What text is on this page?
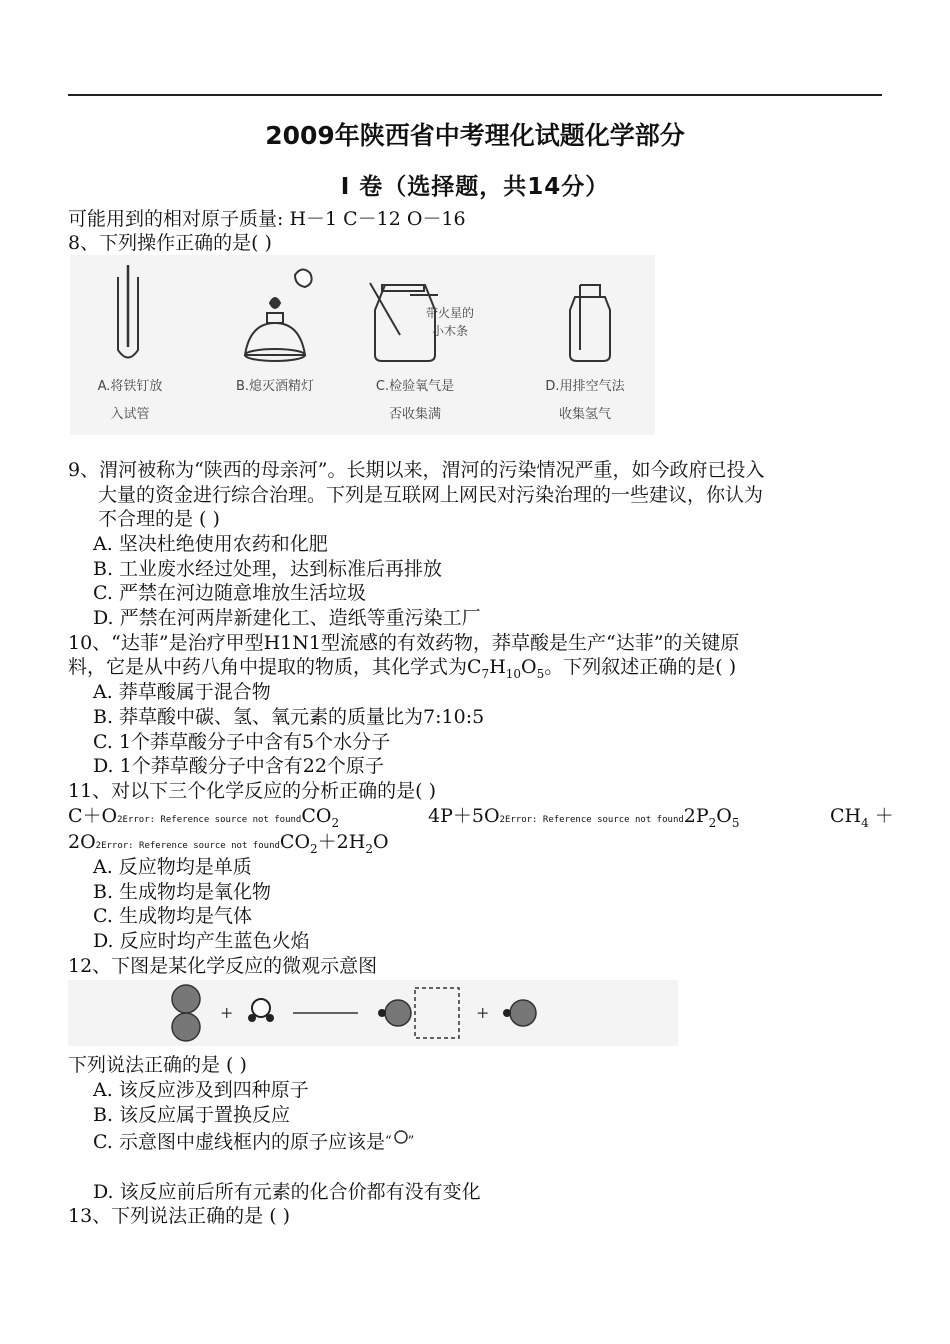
2009年陕西省中考理化试题化学部分
I 卷（选择题，共14分）
可能用到的相对原子质量: H－1 C－12 O－16
8、下列操作正确的是( )
带火星的
小木条
A.将铁钉放
入试管
B.熄灭酒精灯	C.检验氧气是
否收集满
D.用排空气法
收集氢气
9、渭河被称为“陕西的母亲河”。长期以来，渭河的污染情况严重，如今政府已投入
大量的资金进行综合治理。下列是互联网上网民对污染治理的一些建议，你认为
不合理的是 ( )
A. 坚决杜绝使用农药和化肥
B. 工业废水经过处理，达到标准后再排放
C. 严禁在河边随意堆放生活垃圾
D. 严禁在河两岸新建化工、造纸等重污染工厂
10、“达菲”是治疗甲型H1N1型流感的有效药物，莽草酸是生产“达菲”的关键原
料，它是从中药八角中提取的物质，其化学式为$C_7H_{10}O_5$。下列叙述正确的是( )
A. 莽草酸属于混合物
B. 莽草酸中碳、氢、氧元素的质量比为7:10:5
C. 1个莽草酸分子中含有5个水分子
D. 1个莽草酸分子中含有22个原子
11、对以下三个化学反应的分析正确的是( )
C＋O2Error: Reference source not foundCO$_2$	4P＋5O2Error: Reference source not $found2P_2O_5$	$CH_4$ ＋
2O2Error: Reference source not $foundCO_2+2H_2O$
A. 反应物均是单质
B. 生成物均是氧化物
C. 生成物均是气体
D. 反应时均产生蓝色火焰
12、下图是某化学反应的微观示意图
+	+
下列说法正确的是 ( )
A. 该反应涉及到四种原子
B. 该反应属于置换反应
C. 示意图中虚线框内的原子应该是“ ”
D. 该反应前后所有元素的化合价都有没有变化
13、下列说法正确的是 ( )
